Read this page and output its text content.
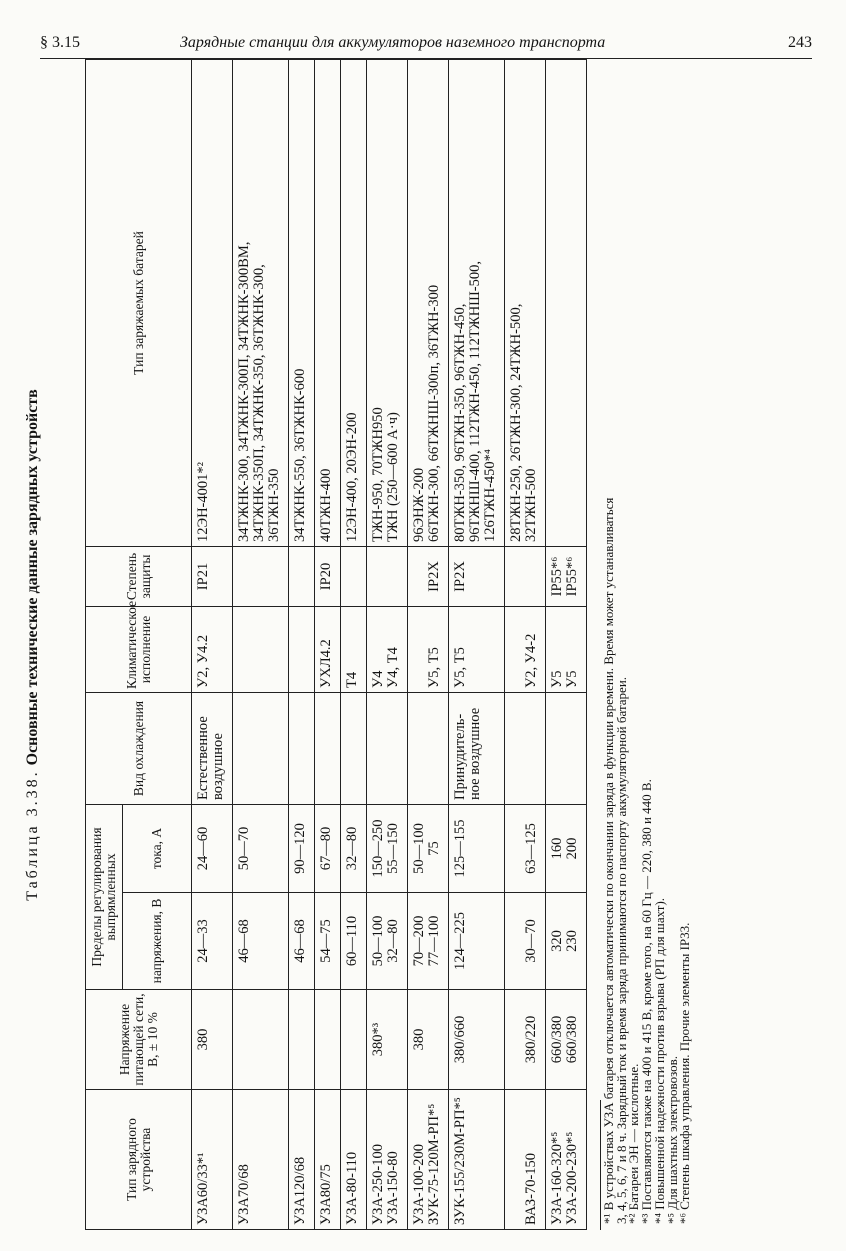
§ 3.15	Зарядные станции для аккумуляторов наземного транспорта	243
Таблица 3.38. Основные технические данные зарядных устройств
Тип зарядного устройства	Напряжение питающей сети, В, ± 10 %	Пределы регулирования выпрямленных		Вид охлаждения	Климатическое исполнение	Степень защиты	Тип заряжаемых батарей
		напряжения, В	тока, А				

УЗА60/33*¹	380	24—33	24—60	Естественное воздушное	У2, У4.2	IP21	12ЭН-4001*²

УЗА70/68		46—68	50—70				34ТЖНК-300, 34ТЖНК-300П, 34ТЖНК-300ВМ, 34ТЖНК-350П, 34ТЖНК-350, 36ТЖНК-300, 36ТЖН-350

УЗА120/68		46—68	90—120				34ТЖНК-550, 36ТЖНК-600

УЗА80/75		54—75	67—80		УХЛ4.2	IP20	40ТЖН-400

УЗА-80-110		60—110	32—80		Т4		12ЭН-400, 20ЭН-200

УЗА-250-100 УЗА-150-80	380*³	50—100 32—80	150—250 55—150		У4 У4, Т4		ТЖН-950, 70ТЖН950 ТЖН (250—600 А·ч)

УЗА-100-200 ЗУК-75-120М-РП*⁵	380	70—200 77—100	50—100 75		У5, Т5	IP2X	96ЭНЖ-200 66ТЖН-300, 66ТЖНШ-300п, 36ТЖН-300

ЗУК-155/230М-РП*⁵	380/660	124—225	125—155	Принудитель- ное воздушное	У5, Т5	IP2X	80ТЖН-350, 96ТЖН-350, 96ТЖН-450, 96ТЖНШ-400, 112ТЖН-450, 112ТЖНШ-500, 126ТЖН-450*⁴

ВАЗ-70-150	380/220	30—70	63—125		У2, У4-2		28ТЖН-250, 26ТЖН-300, 24ТЖН-500, 32ТЖН-500

УЗА-160-320*⁵ УЗА-200-230*⁵	660/380 660/380	320 230	160 200		У5 У5	IP55*⁶ IP55*⁶	

*¹ В устройствах УЗА батарея отключается автоматически по окончании заряда в функции времени. Время может устанавливаться
3, 4, 5, 6, 7 и 8 ч. Зарядный ток и время заряда принимаются по паспорту аккумуляторной батареи.
*² Батареи ЭН — кислотные.
*³ Поставляются также на 400 и 415 В, кроме того, на 60 Гц — 220, 380 и 440 В.
*⁴ Повышенной надежности против взрыва (РП для шахт).
*⁵ Для шахтных электровозов.
*⁶ Степень шкафа управления. Прочие элементы IP33.
